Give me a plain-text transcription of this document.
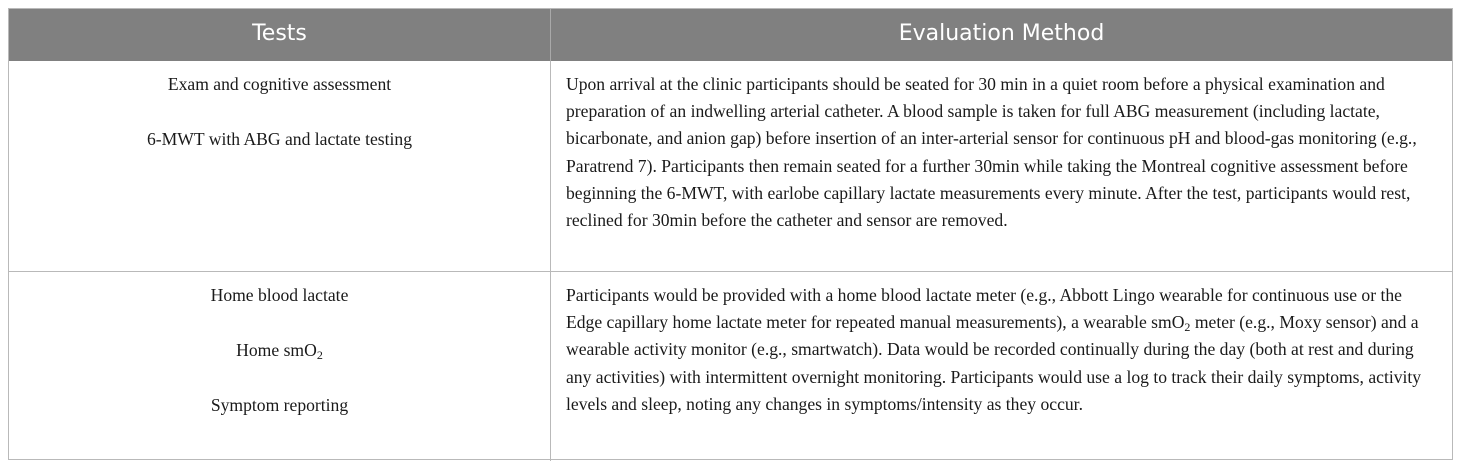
Tests	Evaluation Method
Exam and cognitive assessment
6-MWT with ABG and lactate testing

Upon arrival at the clinic participants should be seated for 30 min in a quiet room before a physical examination and preparation of an indwelling arterial catheter. A blood sample is taken for full ABG measurement (including lactate, bicarbonate, and anion gap) before insertion of an inter-arterial sensor for continuous pH and blood-gas monitoring (e.g., Paratrend 7). Participants then remain seated for a further 30min while taking the Montreal cognitive assessment before beginning the 6-MWT, with earlobe capillary lactate measurements every minute. After the test, participants would rest, reclined for 30min before the catheter and sensor are removed.

Home blood lactate
Home smO$_2$
Symptom reporting

Participants would be provided with a home blood lactate meter (e.g., Abbott Lingo wearable for continuous use or the Edge capillary home lactate meter for repeated manual measurements), a wearable smO$_2$ meter (e.g., Moxy sensor) and a wearable activity monitor (e.g., smartwatch). Data would be recorded continually during the day (both at rest and during any activities) with intermittent overnight monitoring. Participants would use a log to track their daily symptoms, activity levels and sleep, noting any changes in symptoms/intensity as they occur.
